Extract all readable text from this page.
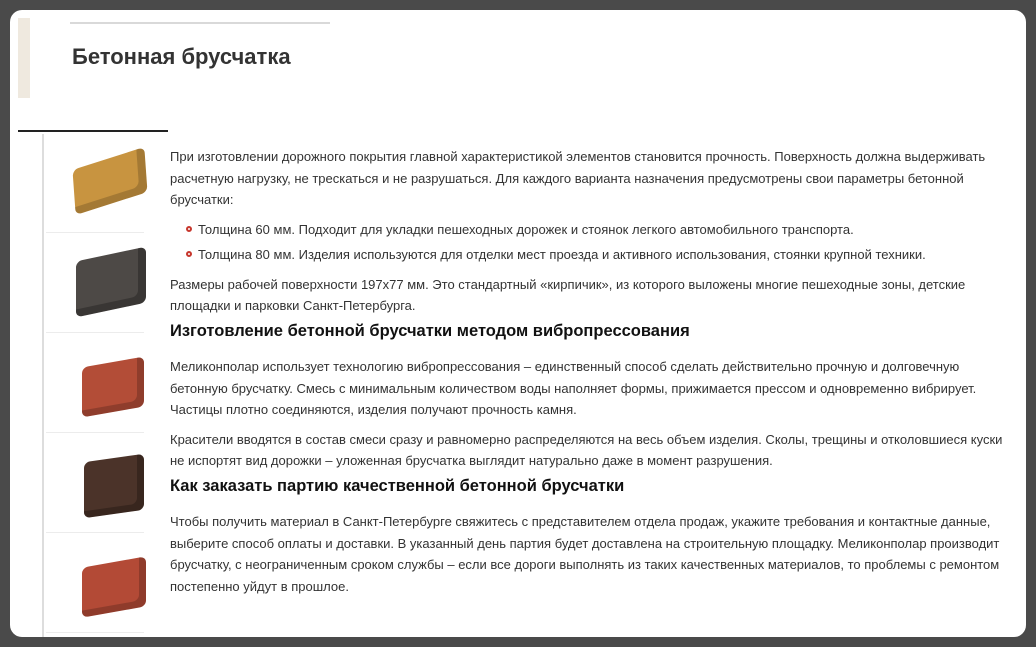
Бетонная брусчатка

При изготовлении дорожного покрытия главной характеристикой элементов становится прочность. Поверхность должна выдерживать расчетную нагрузку, не трескаться и не разрушаться. Для каждого варианта назначения предусмотрены свои параметры бетонной брусчатки:

Толщина 60 мм. Подходит для укладки пешеходных дорожек и стоянок легкого автомобильного транспорта.
Толщина 80 мм. Изделия используются для отделки мест проезда и активного использования, стоянки крупной техники.

Размеры рабочей поверхности 197х77 мм. Это стандартный «кирпичик», из которого выложены многие пешеходные зоны, детские площадки и парковки Санкт-Петербурга.

Изготовление бетонной брусчатки методом вибропрессования

Меликонполар использует технологию вибропрессования – единственный способ сделать действительно прочную и долговечную бетонную брусчатку. Смесь с минимальным количеством воды наполняет формы, прижимается прессом и одновременно вибрирует. Частицы плотно соединяются, изделия получают прочность камня.

Красители вводятся в состав смеси сразу и равномерно распределяются на весь объем изделия. Сколы, трещины и отколовшиеся куски не испортят вид дорожки – уложенная брусчатка выглядит натурально даже в момент разрушения.

Как заказать партию качественной бетонной брусчатки

Чтобы получить материал в Санкт-Петербурге свяжитесь с представителем отдела продаж, укажите требования и контактные данные, выберите способ оплаты и доставки. В указанный день партия будет доставлена на строительную площадку. Меликонполар производит брусчатку, с неограниченным сроком службы – если все дороги выполнять из таких качественных материалов, то проблемы с ремонтом постепенно уйдут в прошлое.
